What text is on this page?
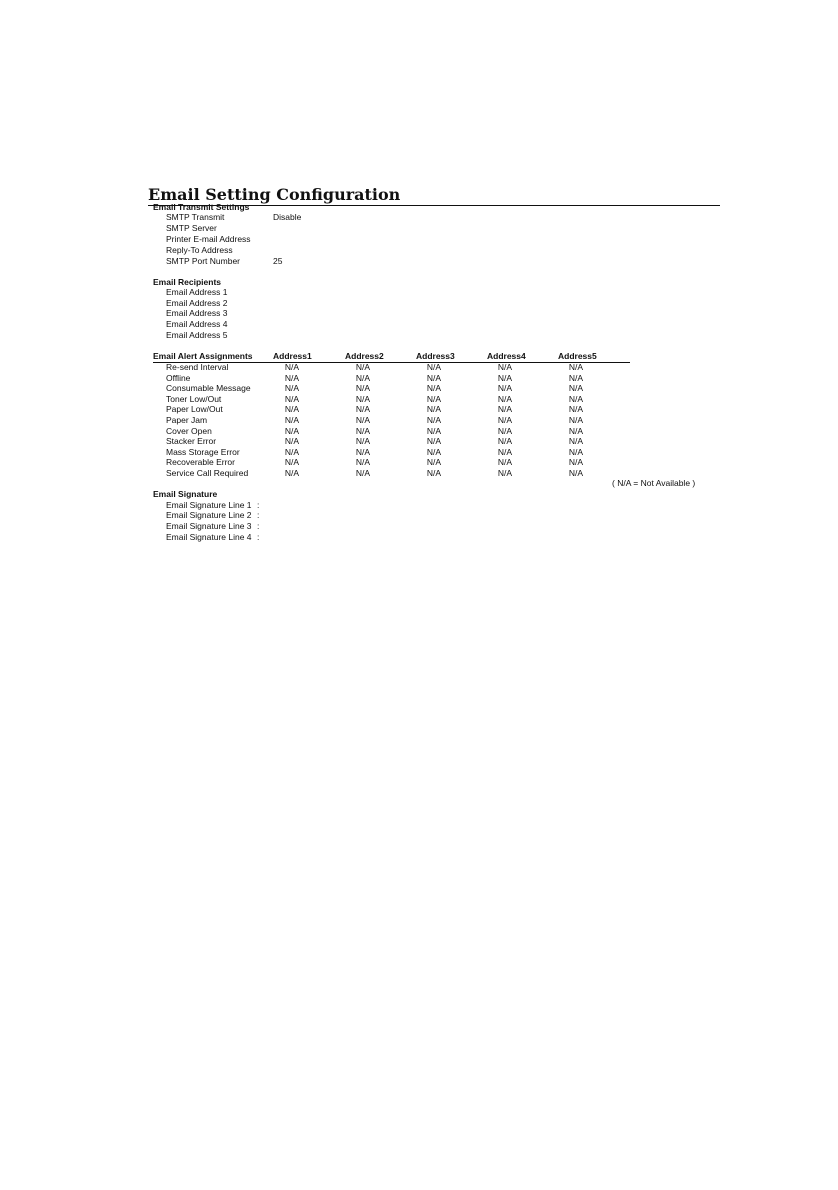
Email Setting Configuration
Email Transmit Settings
SMTP Transmit	Disable
SMTP Server
Printer E-mail Address
Reply-To Address
SMTP Port Number	25
Email Recipients
Email Address 1
Email Address 2
Email Address 3
Email Address 4
Email Address 5
Email Alert Assignments Address1	Address2	Address3	Address4	Address5
Re-send Interval	N/A	N/A	N/A	N/A	N/A
Offline	N/A	N/A	N/A	N/A	N/A
Consumable Message	N/A	N/A	N/A	N/A	N/A
Toner Low/Out	N/A	N/A	N/A	N/A	N/A
Paper Low/Out	N/A	N/A	N/A	N/A	N/A
Paper Jam	N/A	N/A	N/A	N/A	N/A
Cover Open	N/A	N/A	N/A	N/A	N/A
Stacker Error	N/A	N/A	N/A	N/A	N/A
Mass Storage Error	N/A	N/A	N/A	N/A	N/A
Recoverable Error	N/A	N/A	N/A	N/A	N/A
Service Call Required	N/A	N/A	N/A	N/A	N/A
( N/A = Not Available )
Email Signature
Email Signature Line 1 :
Email Signature Line 2 :
Email Signature Line 3 :
Email Signature Line 4 :
